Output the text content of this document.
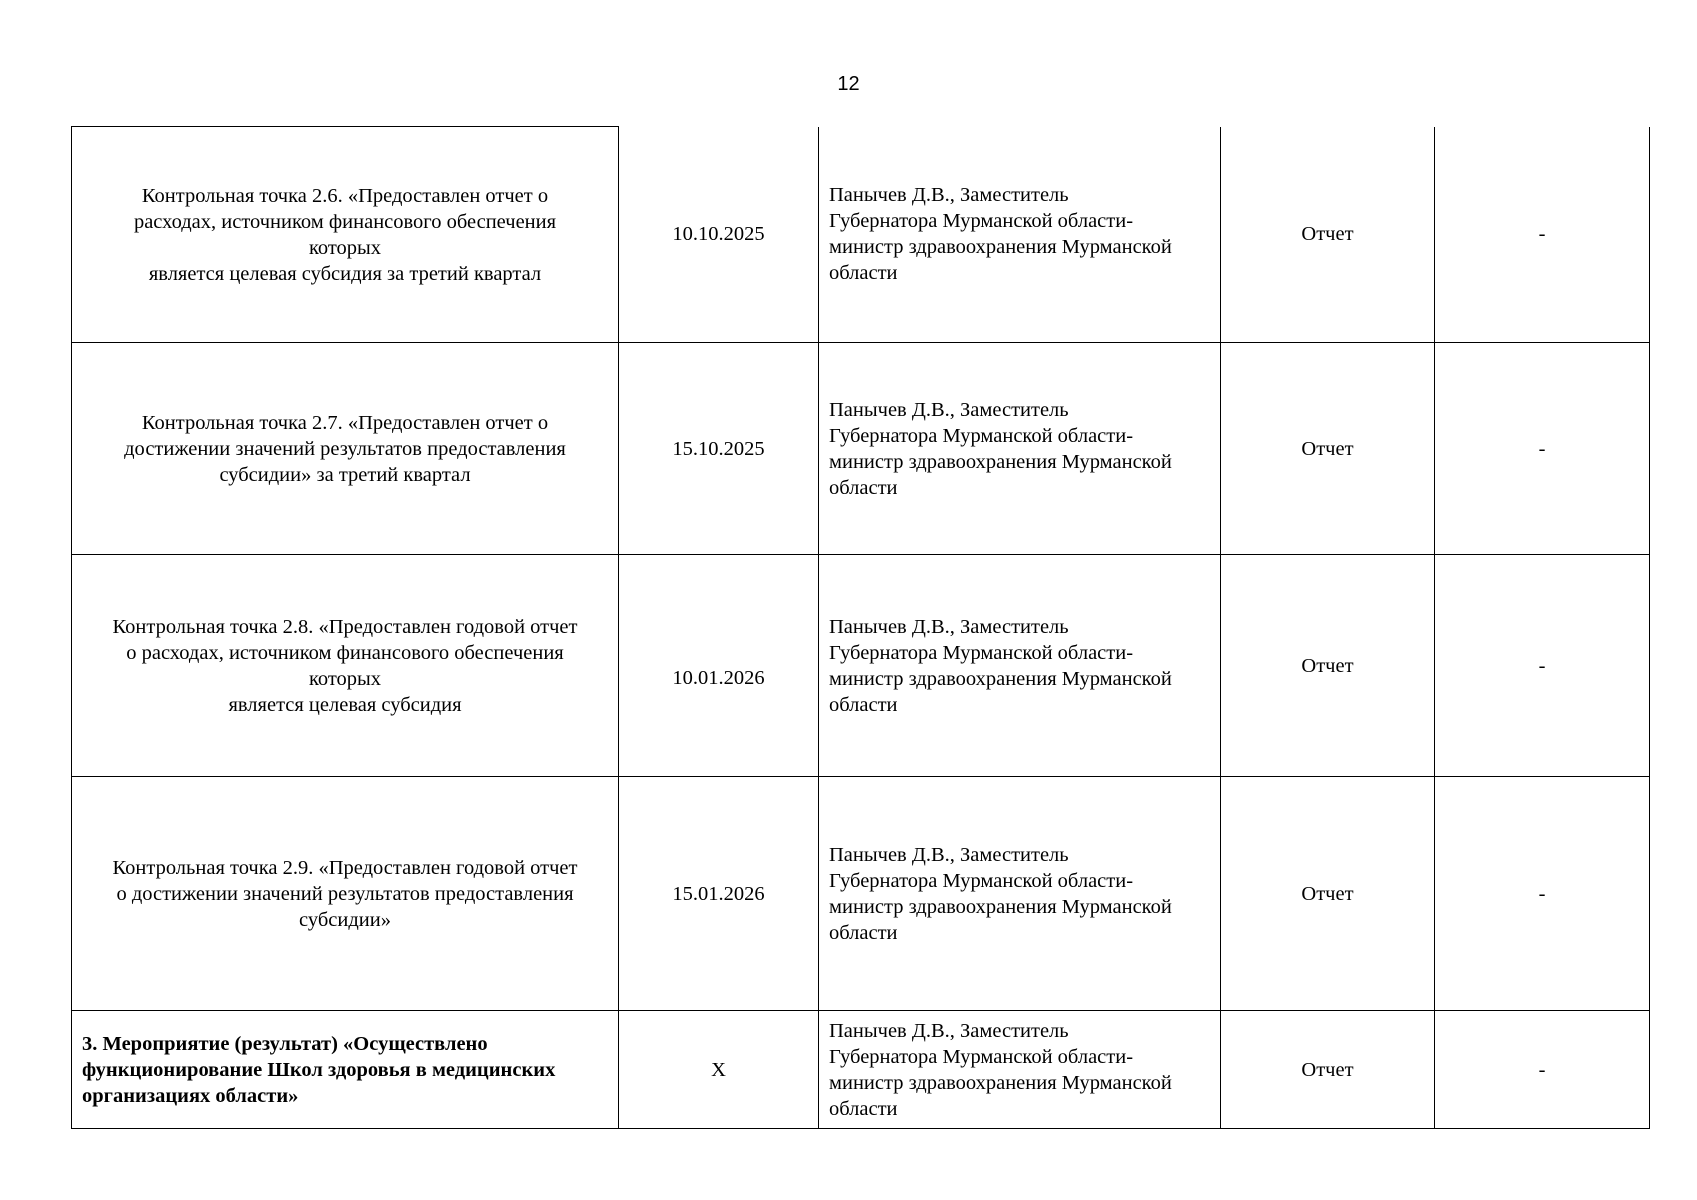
12
Контрольная точка 2.6. «Предоставлен отчет о
расходах, источником финансового обеспечения
которых
является целевая субсидия за третий квартал	10.10.2025	Панычев Д.В., Заместитель
Губернатора Мурманской области-
министр здравоохранения Мурманской
области	Отчет	-

Контрольная точка 2.7. «Предоставлен отчет о
достижении значений результатов предоставления
субсидии» за третий квартал	15.10.2025	Панычев Д.В., Заместитель
Губернатора Мурманской области-
министр здравоохранения Мурманской
области	Отчет	-

Контрольная точка 2.8. «Предоставлен годовой отчет
о расходах, источником финансового обеспечения
которых
является целевая субсидия	10.01.2026	Панычев Д.В., Заместитель
Губернатора Мурманской области-
министр здравоохранения Мурманской
области	Отчет	-

Контрольная точка 2.9. «Предоставлен годовой отчет
о достижении значений результатов предоставления
субсидии»	15.01.2026	Панычев Д.В., Заместитель
Губернатора Мурманской области-
министр здравоохранения Мурманской
области	Отчет	-

3. Мероприятие (результат) «Осуществлено
функционирование Школ здоровья в медицинских
организациях области»	X	Панычев Д.В., Заместитель
Губернатора Мурманской области-
министр здравоохранения Мурманской
области	Отчет	-
